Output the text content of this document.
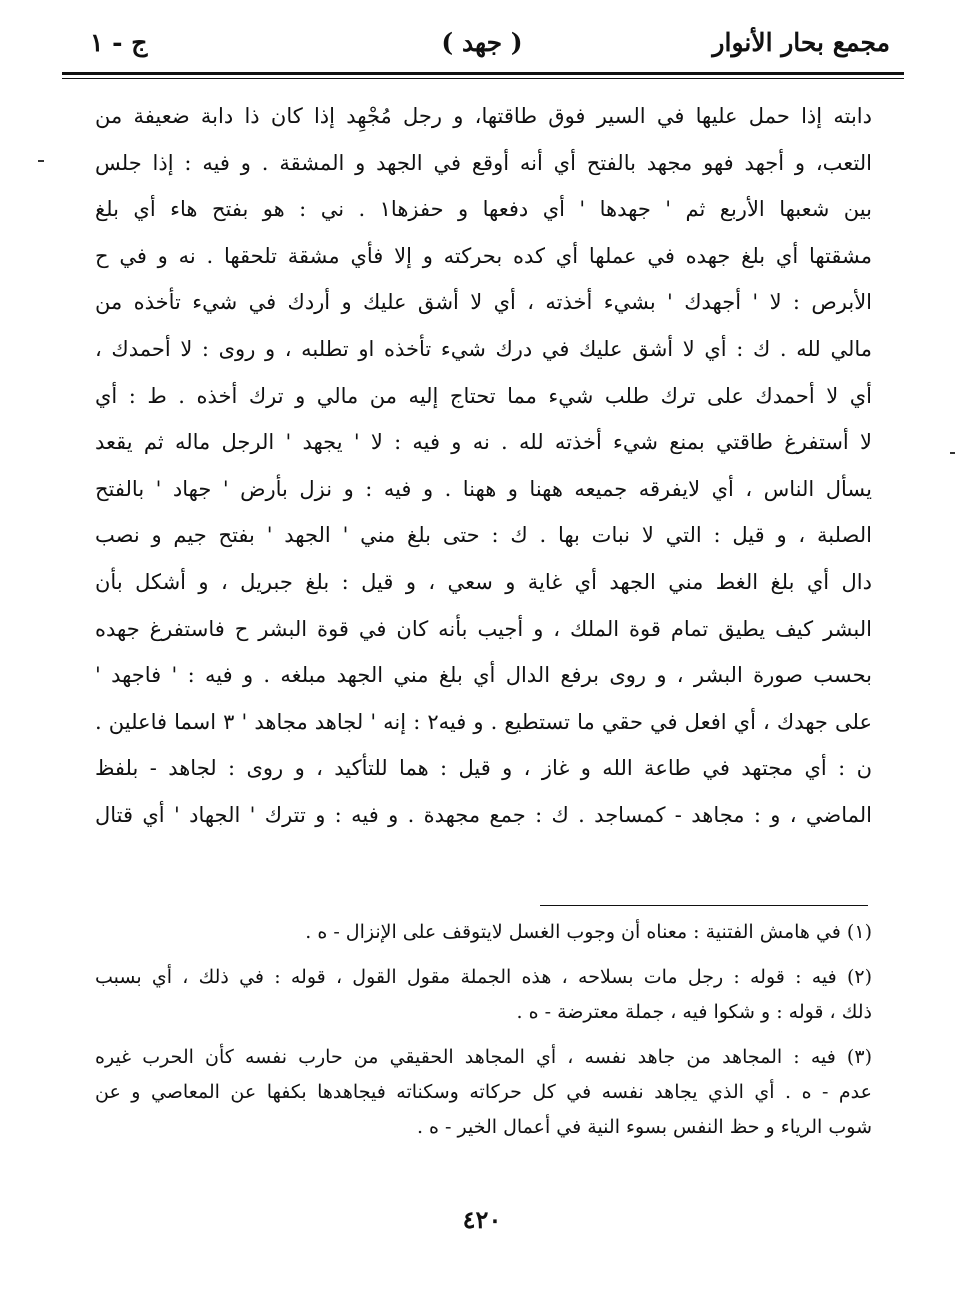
مجمع بحار الأنوار
( جهد )
ج - ١
دابته إذا حمل عليها في السير فوق طاقتها، و رجل مُجْهِد إذا كان ذا دابة ضعيفة من
التعب، و أجهد فهو مجهد بالفتح أي أنه أوقع في الجهد و المشقة . و فيه : إذا جلس
بين شعبها الأربع ثم ' جهدها ' أي دفعها و حفزها١ . ني : هو بفتح هاء أي بلغ
مشقتها أي بلغ جهده في عملها أي كده بحركته و إلا فأي مشقة تلحقها . نه و في ح
الأبرص : لا ' أجهدك ' بشيء أخذته ، أي لا أشق عليك و أردك في شيء تأخذه من
مالي لله . ك : أي لا أشق عليك في درك شيء تأخذه او تطلبه ، و روى : لا أحمدك ،
أي لا أحمدك على ترك طلب شيء مما تحتاج إليه من مالي و ترك أخذه . ط : أي
لا أستفرغ طاقتي بمنع شيء أخذته لله . نه و فيه : لا ' يجهد ' الرجل ماله ثم يقعد
يسأل الناس ، أي لايفرقه جميعه ههنا و ههنا . و فيه : و نزل بأرض ' جهاد ' بالفتح
الصلبة ، و قيل : التي لا نبات بها . ك : حتى بلغ مني ' الجهد ' بفتح جيم و نصب
دال أي بلغ الغط مني الجهد أي غاية و سعي ، و قيل : بلغ جبريل ، و أشكل بأن
البشر كيف يطيق تمام قوة الملك ، و أجيب بأنه كان في قوة البشر ح فاستفرغ جهده
بحسب صورة البشر ، و روى برفع الدال أي بلغ مني الجهد مبلغه . و فيه : ' فاجهد '
على جهدك ، أي افعل في حقي ما تستطيع . و فيه٢ : إنه ' لجاهد مجاهد ' ٣ اسما فاعلين .
ن : أي مجتهد في طاعة الله و غاز ، و قيل : هما للتأكيد ، و روى : لجاهد - بلفظ
الماضي ، و : مجاهد - كمساجد . ك : جمع مجهدة . و فيه : و تترك ' الجهاد ' أي قتال
(١) في هامش الفتنية : معناه أن وجوب الغسل لايتوقف على الإنزال - ه .
(٢) فيه : قوله : رجل مات بسلاحه ، هذه الجملة مقول القول ، قوله : في ذلك ، أي بسبب
ذلك ، قوله : و شكوا فيه ، جملة معترضة - ه .
(٣) فيه : المجاهد من جاهد نفسه ، أي المجاهد الحقيقي من حارب نفسه كأن الحرب غيره
عدم - ه . أي الذي يجاهد نفسه في كل حركاته وسكناته فيجاهدها بكفها عن المعاصي و عن
شوب الرياء و حظ النفس بسوء النية في أعمال الخير - ه .
٤٢٠
